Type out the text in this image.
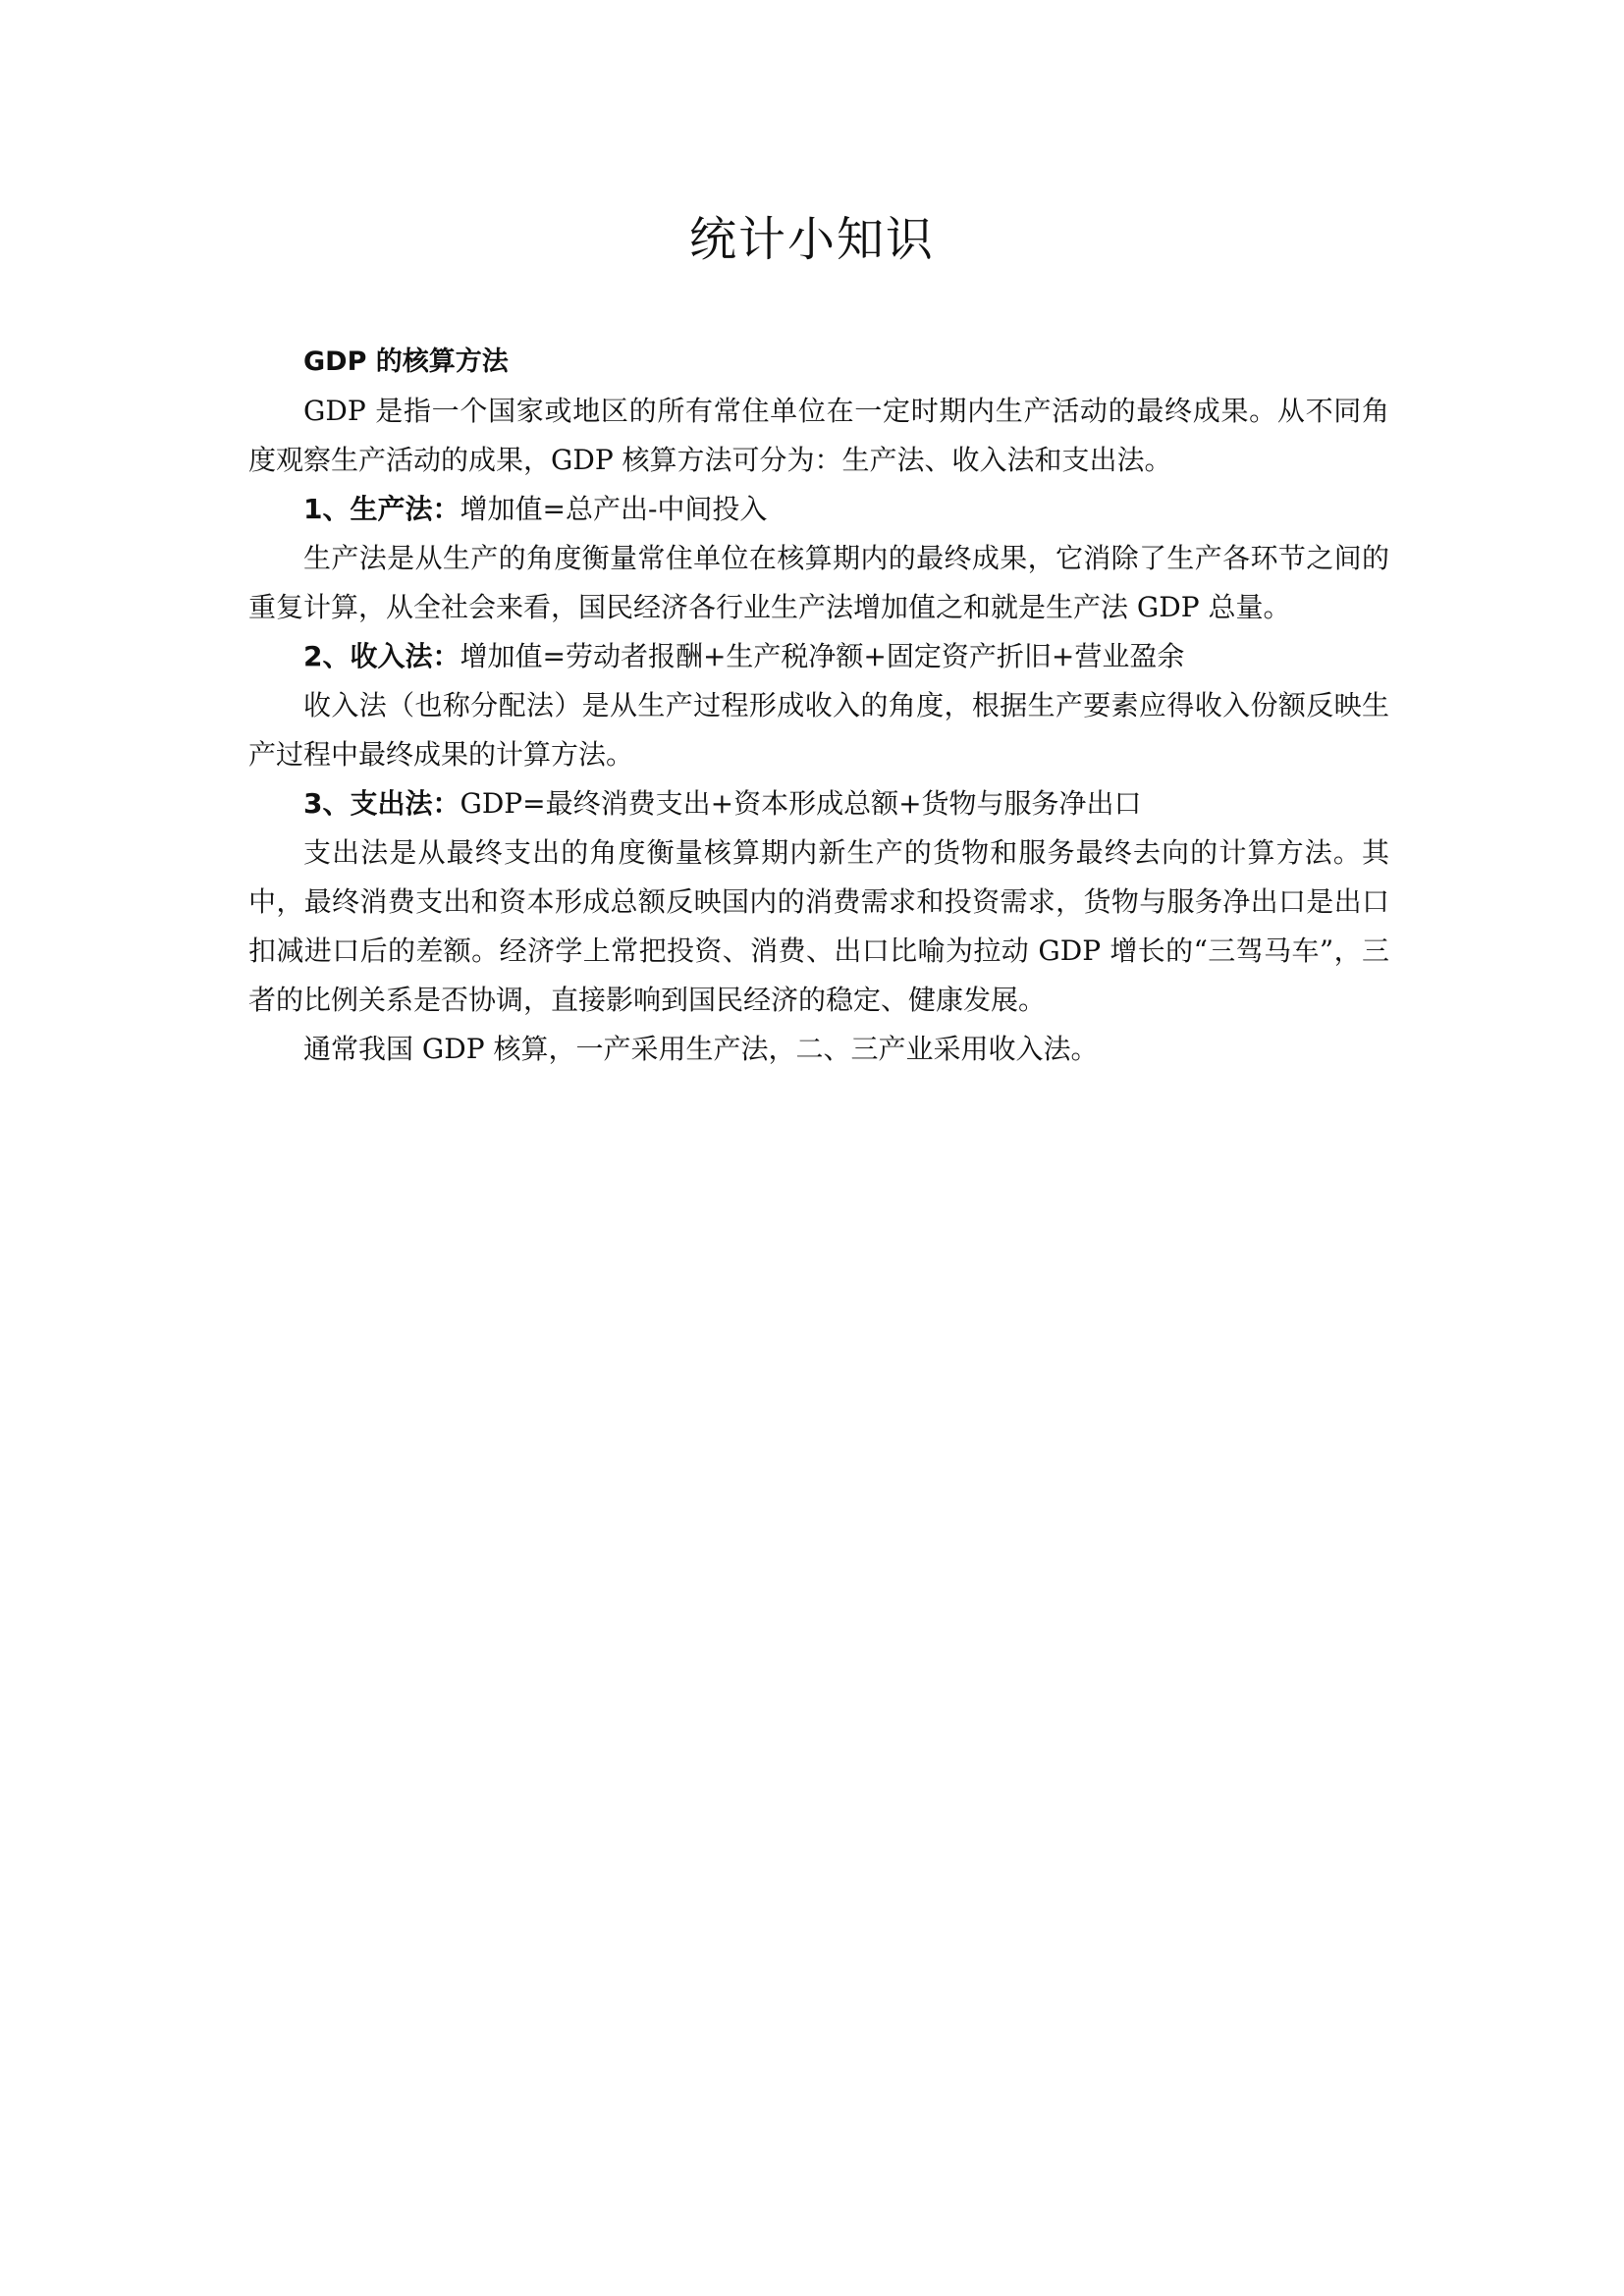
统计小知识

GDP 的核算方法

GDP 是指一个国家或地区的所有常住单位在一定时期内生产活动的最终成果。从不同角度观察生产活动的成果，GDP 核算方法可分为：生产法、收入法和支出法。

1、生产法：增加值=总产出-中间投入

生产法是从生产的角度衡量常住单位在核算期内的最终成果，它消除了生产各环节之间的重复计算，从全社会来看，国民经济各行业生产法增加值之和就是生产法 GDP 总量。

2、收入法：增加值=劳动者报酬+生产税净额+固定资产折旧+营业盈余

收入法（也称分配法）是从生产过程形成收入的角度，根据生产要素应得收入份额反映生产过程中最终成果的计算方法。

3、支出法：GDP=最终消费支出+资本形成总额+货物与服务净出口

支出法是从最终支出的角度衡量核算期内新生产的货物和服务最终去向的计算方法。其中，最终消费支出和资本形成总额反映国内的消费需求和投资需求，货物与服务净出口是出口扣减进口后的差额。经济学上常把投资、消费、出口比喻为拉动 GDP 增长的“三驾马车”，三者的比例关系是否协调，直接影响到国民经济的稳定、健康发展。

通常我国 GDP 核算，一产采用生产法，二、三产业采用收入法。
